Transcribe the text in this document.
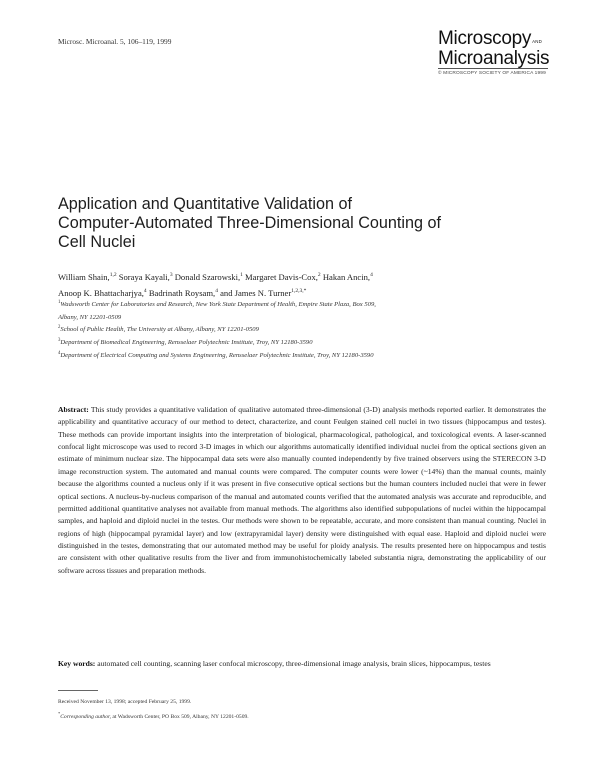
Microsc. Microanal. 5, 106–119, 1999	MicroscopyAND
Microanalysis
© MICROSCOPY SOCIETY OF AMERICA 1999
Application and Quantitative Validation of
Computer-Automated Three-Dimensional Counting of
Cell Nuclei
William Shain,$^{1,2}$ Soraya Kayali,$^3$ Donald Szarowski,$^1$ Margaret Davis-Cox,$^2$ Hakan Ancin,$^4$
Anoop K. Bhattacharjya,$^4$ Badrinath Roysam,$^4$ and James N. Turner$^{1,2,3,*}$
$^1$Wadsworth Center for Laboratories and Research, New York State Department of Health, Empire State Plaza, Box 509,
Albany, NY 12201-0509
$^2$School of Public Health, The University at Albany, Albany, NY 12201-0509
$^3$Department of Biomedical Engineering, Rensselaer Polytechnic Institute, Troy, NY 12180-3590
$^4$Department of Electrical Computing and Systems Engineering, Rensselaer Polytechnic Institute, Troy, NY 12180-3590
Abstract: This study provides a quantitative validation of qualitative automated three-dimensional (3-D) analysis methods reported earlier. It demonstrates the applicability and quantitative accuracy of our method to detect, characterize, and count Feulgen stained cell nuclei in two tissues (hippocampus and testes). These methods can provide important insights into the interpretation of biological, pharmacological, pathological, and toxicological events. A laser-scanned confocal light microscope was used to record 3-D images in which our algorithms automatically identified individual nuclei from the optical sections given an estimate of minimum nuclear size. The hippocampal data sets were also manually counted independently by five trained observers using the STERECON 3-D image reconstruction system. The automated and manual counts were compared. The computer counts were lower (~14%) than the manual counts, mainly because the algorithms counted a nucleus only if it was present in five consecutive optical sections but the human counters included nuclei that were in fewer optical sections. A nucleus-by-nucleus comparison of the manual and automated counts verified that the automated analysis was accurate and reproducible, and permitted additional quantitative analyses not available from manual methods. The algorithms also identified subpopulations of nuclei within the hippocampal samples, and haploid and diploid nuclei in the testes. Our methods were shown to be repeatable, accurate, and more consistent than manual counting. Nuclei in regions of high (hippocampal pyramidal layer) and low (extrapyramidal layer) density were distinguished with equal ease. Haploid and diploid nuclei were distinguished in the testes, demonstrating that our automated method may be useful for ploidy analysis. The results presented here on hippocampus and testis are consistent with other qualitative results from the liver and from immunohistochemically labeled substantia nigra, demonstrating the applicability of our software across tissues and preparation methods.
Key words: automated cell counting, scanning laser confocal microscopy, three-dimensional image analysis, brain slices, hippocampus, testes
Received November 13, 1998; accepted February 25, 1999.
*Corresponding author, at Wadsworth Center, PO Box 509, Albany, NY 12201-0509.
